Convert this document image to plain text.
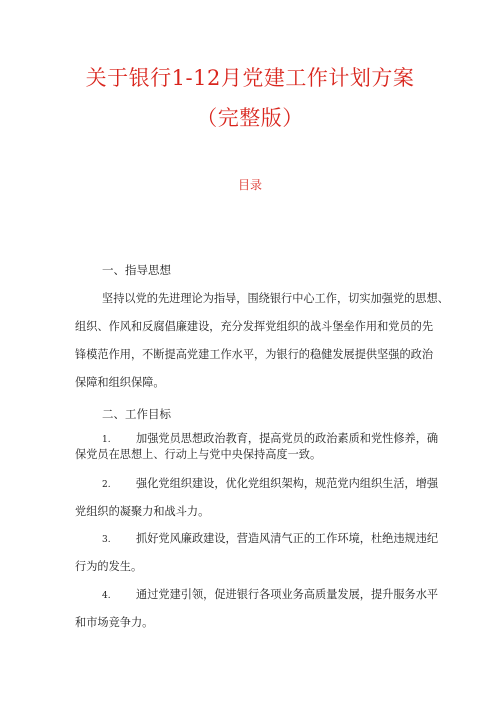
关于银行1-12月党建工作计划方案
（完整版）
目录
一、指导思想
坚持以党的先进理论为指导，围绕银行中心工作，切实加强党的思想、
组织、作风和反腐倡廉建设，充分发挥党组织的战斗堡垒作用和党员的先
锋模范作用，不断提高党建工作水平，为银行的稳健发展提供坚强的政治
保障和组织保障。
二、工作目标
1. 加强党员思想政治教育，提高党员的政治素质和党性修养，确
保党员在思想上、行动上与党中央保持高度一致。
2. 强化党组织建设，优化党组织架构，规范党内组织生活，增强
党组织的凝聚力和战斗力。
3. 抓好党风廉政建设，营造风清气正的工作环境，杜绝违规违纪
行为的发生。
4. 通过党建引领，促进银行各项业务高质量发展，提升服务水平
和市场竞争力。
